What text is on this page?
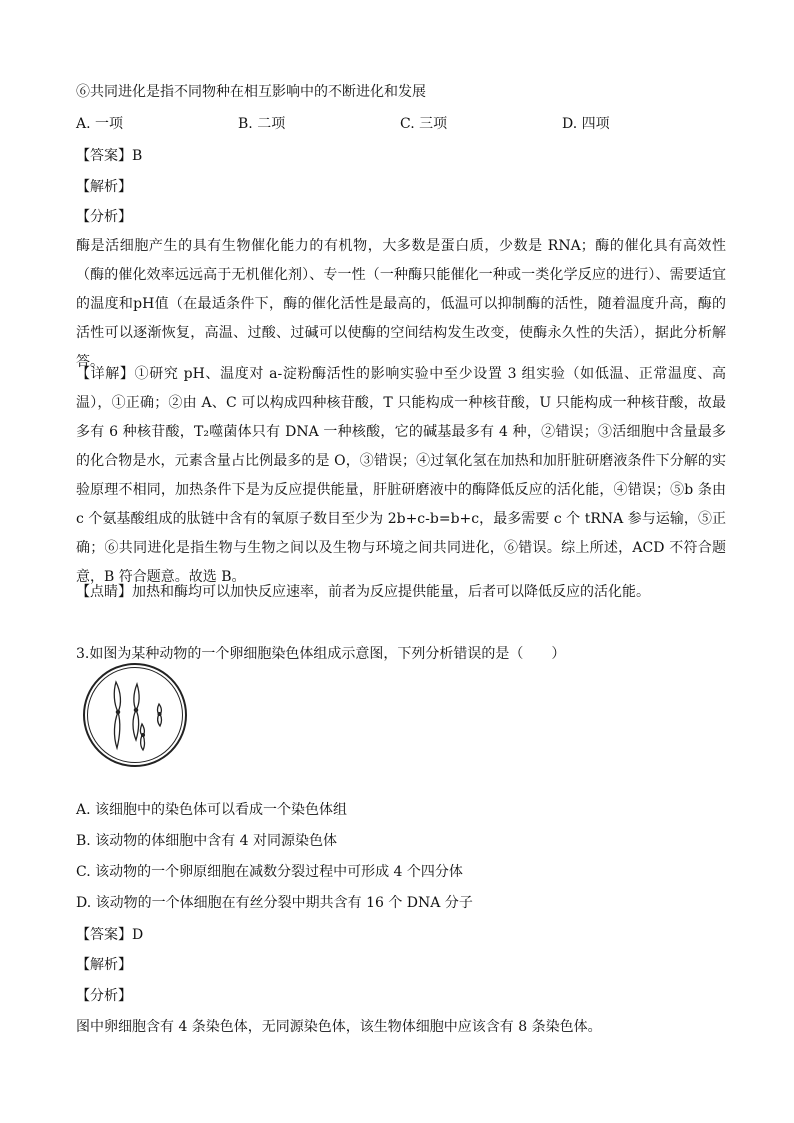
⑥共同进化是指不同物种在相互影响中的不断进化和发展
A. 一项	B. 二项	C. 三项	D. 四项
【答案】B
【解析】
【分析】
酶是活细胞产生的具有生物催化能力的有机物，大多数是蛋白质，少数是 RNA；酶的催化具有高效性（酶的催化效率远远高于无机催化剂）、专一性（一种酶只能催化一种或一类化学反应的进行）、需要适宜的温度和pH值（在最适条件下，酶的催化活性是最高的，低温可以抑制酶的活性，随着温度升高，酶的活性可以逐渐恢复，高温、过酸、过碱可以使酶的空间结构发生改变，使酶永久性的失活），据此分析解答。
【详解】①研究 pH、温度对 a-淀粉酶活性的影响实验中至少设置 3 组实验（如低温、正常温度、高温），①正确；②由 A、C 可以构成四种核苷酸，T 只能构成一种核苷酸，U 只能构成一种核苷酸，故最多有 6 种核苷酸，T₂噬菌体只有 DNA 一种核酸，它的碱基最多有 4 种，②错误；③活细胞中含量最多的化合物是水，元素含量占比例最多的是 O，③错误；④过氧化氢在加热和加肝脏研磨液条件下分解的实验原理不相同，加热条件下是为反应提供能量，肝脏研磨液中的酶降低反应的活化能，④错误；⑤b 条由 c 个氨基酸组成的肽链中含有的氧原子数目至少为 2b+c-b=b+c，最多需要 c 个 tRNA 参与运输，⑤正确；⑥共同进化是指生物与生物之间以及生物与环境之间共同进化，⑥错误。综上所述，ACD 不符合题意，B 符合题意。故选 B。
【点睛】加热和酶均可以加快反应速率，前者为反应提供能量，后者可以降低反应的活化能。
3.如图为某种动物的一个卵细胞染色体组成示意图，下列分析错误的是（　　）
A. 该细胞中的染色体可以看成一个染色体组
B. 该动物的体细胞中含有 4 对同源染色体
C. 该动物的一个卵原细胞在减数分裂过程中可形成 4 个四分体
D. 该动物的一个体细胞在有丝分裂中期共含有 16 个 DNA 分子
【答案】D
【解析】
【分析】
图中卵细胞含有 4 条染色体，无同源染色体，该生物体细胞中应该含有 8 条染色体。
